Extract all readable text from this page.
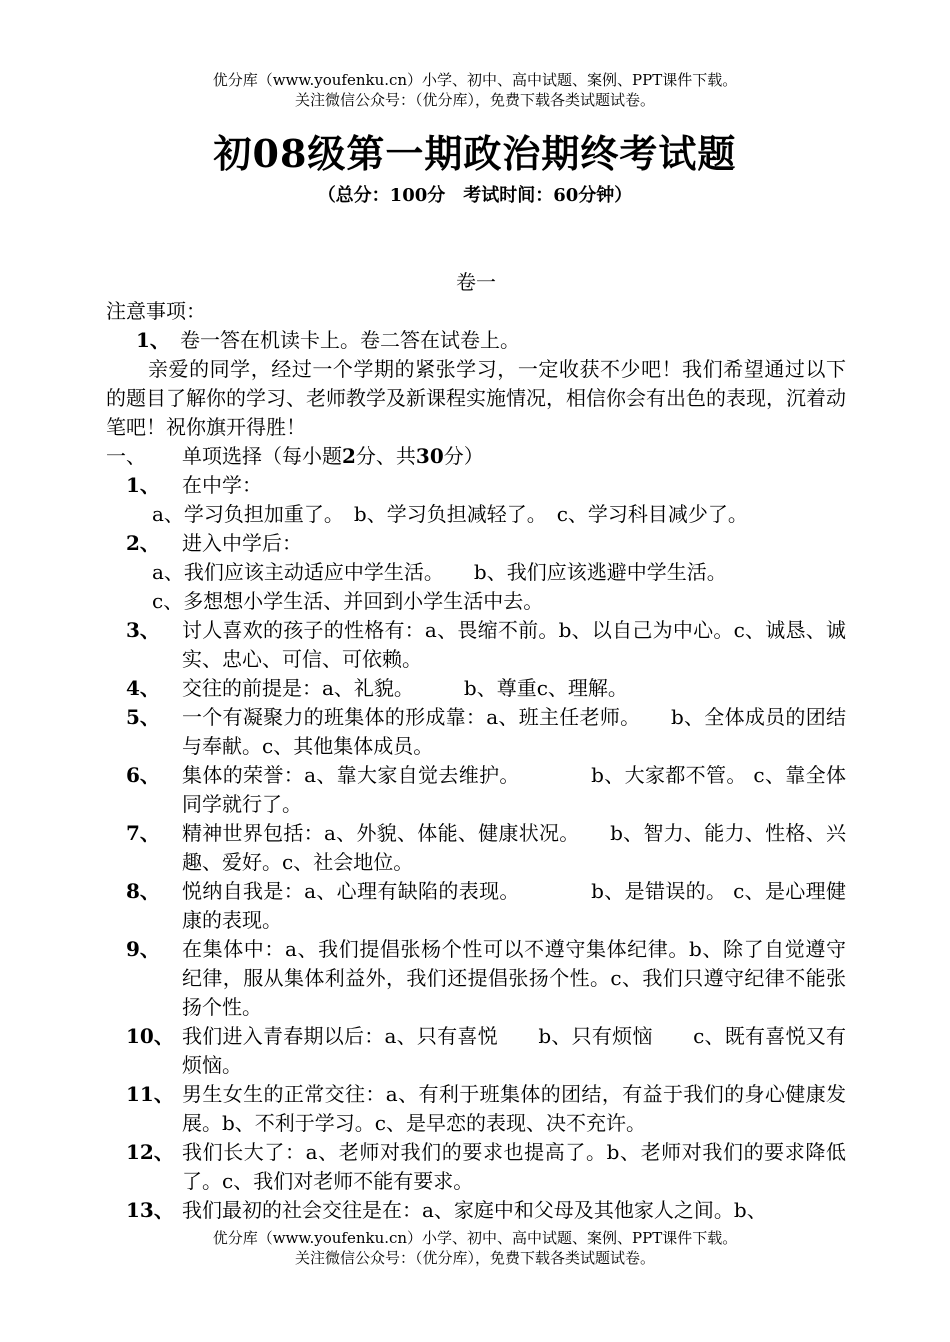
优分库（www.youfenku.cn）小学、初中、高中试题、案例、PPT课件下载。
关注微信公众号：（优分库），免费下载各类试题试卷。
初08级第一期政治期终考试题
（总分：100分　考试时间：60分钟）
卷一
注意事项：
1、 卷一答在机读卡上。卷二答在试卷上。
亲爱的同学，经过一个学期的紧张学习，一定收获不少吧！我们希望通过以下的题目了解你的学习、老师教学及新课程实施情况，相信你会有出色的表现，沉着动笔吧！祝你旗开得胜！
一、 单项选择（每小题2分、共30分）
1、	在中学：
a、学习负担加重了。　b、学习负担减轻了。　c、学习科目减少了。
2、	进入中学后：
a、我们应该主动适应中学生活。　　b、我们应该逃避中学生活。
c、多想想小学生活、并回到小学生活中去。
3、	讨人喜欢的孩子的性格有：a、畏缩不前。b、以自己为中心。c、诚恳、诚实、忠心、可信、可依赖。
4、	交往的前提是：a、礼貌。　　　b、尊重c、理解。
5、	一个有凝聚力的班集体的形成靠：a、班主任老师。　　b、全体成员的团结与奉献。c、其他集体成员。
6、	集体的荣誉：a、靠大家自觉去维护。　　　　b、大家都不管。 c、靠全体同学就行了。
7、	精神世界包括：a、外貌、体能、健康状况。　　b、智力、能力、性格、兴趣、爱好。c、社会地位。
8、	悦纳自我是：a、心理有缺陷的表现。　　　　b、是错误的。 c、是心理健康的表现。
9、	在集体中：a、我们提倡张杨个性可以不遵守集体纪律。b、除了自觉遵守纪律，服从集体利益外，我们还提倡张扬个性。c、我们只遵守纪律不能张扬个性。
10、 我们进入青春期以后：a、只有喜悦　　b、只有烦恼　　c、既有喜悦又有烦恼。
11、 男生女生的正常交往：a、有利于班集体的团结，有益于我们的身心健康发展。b、不利于学习。c、是早恋的表现、决不充许。
12、 我们长大了：a、老师对我们的要求也提高了。b、老师对我们的要求降低了。c、我们对老师不能有要求。
13、 我们最初的社会交往是在：a、家庭中和父母及其他家人之间。b、
优分库（www.youfenku.cn）小学、初中、高中试题、案例、PPT课件下载。
关注微信公众号：（优分库），免费下载各类试题试卷。
